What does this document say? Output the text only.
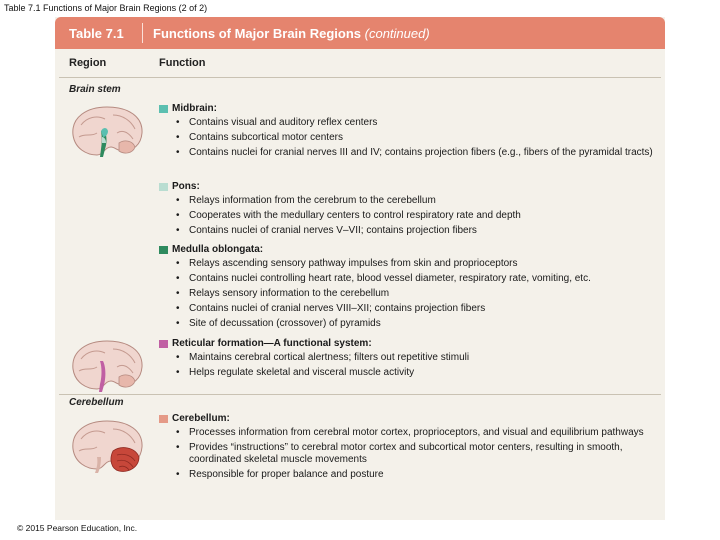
Table 7.1 Functions of Major Brain Regions (2 of 2)
Table 7.1 Functions of Major Brain Regions (continued)
Region	Function
Brain stem
Cerebellum
Midbrain:
• Contains visual and auditory reflex centers
• Contains subcortical motor centers
• Contains nuclei for cranial nerves III and IV; contains projection fibers (e.g., fibers of the pyramidal tracts)
Pons:
• Relays information from the cerebrum to the cerebellum
• Cooperates with the medullary centers to control respiratory rate and depth
• Contains nuclei of cranial nerves V–VII; contains projection fibers
Medulla oblongata:
• Relays ascending sensory pathway impulses from skin and proprioceptors
• Contains nuclei controlling heart rate, blood vessel diameter, respiratory rate, vomiting, etc.
• Relays sensory information to the cerebellum
• Contains nuclei of cranial nerves VIII–XII; contains projection fibers
• Site of decussation (crossover) of pyramids
Reticular formation—A functional system:
• Maintains cerebral cortical alertness; filters out repetitive stimuli
• Helps regulate skeletal and visceral muscle activity
Cerebellum:
• Processes information from cerebral motor cortex, proprioceptors, and visual and equilibrium pathways
• Provides “instructions” to cerebral motor cortex and subcortical motor centers, resulting in smooth, coordinated skeletal muscle movements
• Responsible for proper balance and posture
© 2015 Pearson Education, Inc.
